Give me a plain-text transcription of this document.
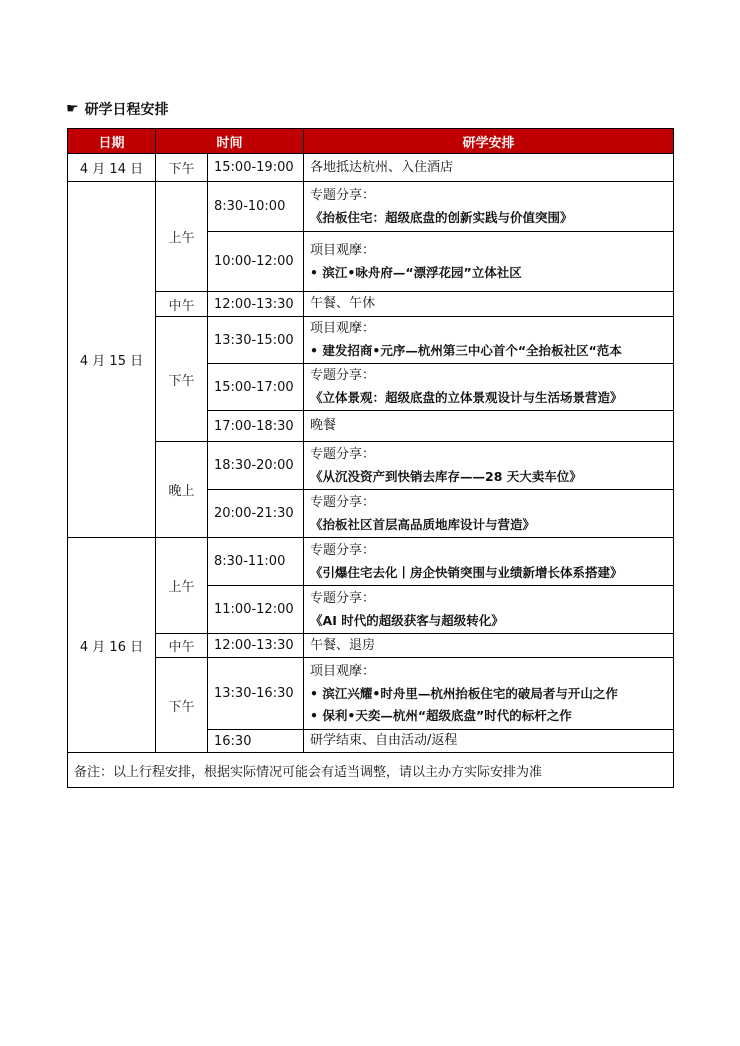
☛ 研学日程安排
日期	时间		研学安排
4 月 14 日	下午	15:00-19:00	各地抵达杭州、入住酒店

4 月 15 日	上午	8:30-10:00	专题分享：
《抬板住宅：超级底盘的创新实践与价值突围》

		10:00-12:00	项目观摩：
• 滨江•咏舟府—“漂浮花园”立体社区

	中午	12:00-13:30	午餐、午休

	下午	13:30-15:00	项目观摩：
• 建发招商•元序—杭州第三中心首个“全抬板社区“范本

		15:00-17:00	专题分享：
《立体景观：超级底盘的立体景观设计与生活场景营造》

		17:00-18:30	晚餐

	晚上	18:30-20:00	专题分享：
《从沉没资产到快销去库存——28 天大卖车位》

		20:00-21:30	专题分享：
《抬板社区首层高品质地库设计与营造》

4 月 16 日	上午	8:30-11:00	专题分享：
《引爆住宅去化丨房企快销突围与业绩新增长体系搭建》

		11:00-12:00	专题分享：
《AI 时代的超级获客与超级转化》

	中午	12:00-13:30	午餐、退房

	下午	13:30-16:30	项目观摩：
• 滨江兴耀•时舟里—杭州抬板住宅的破局者与开山之作
• 保利•天奕—杭州“超级底盘”时代的标杆之作

		16:30	研学结束、自由活动/返程

备注：以上行程安排，根据实际情况可能会有适当调整，请以主办方实际安排为准			
